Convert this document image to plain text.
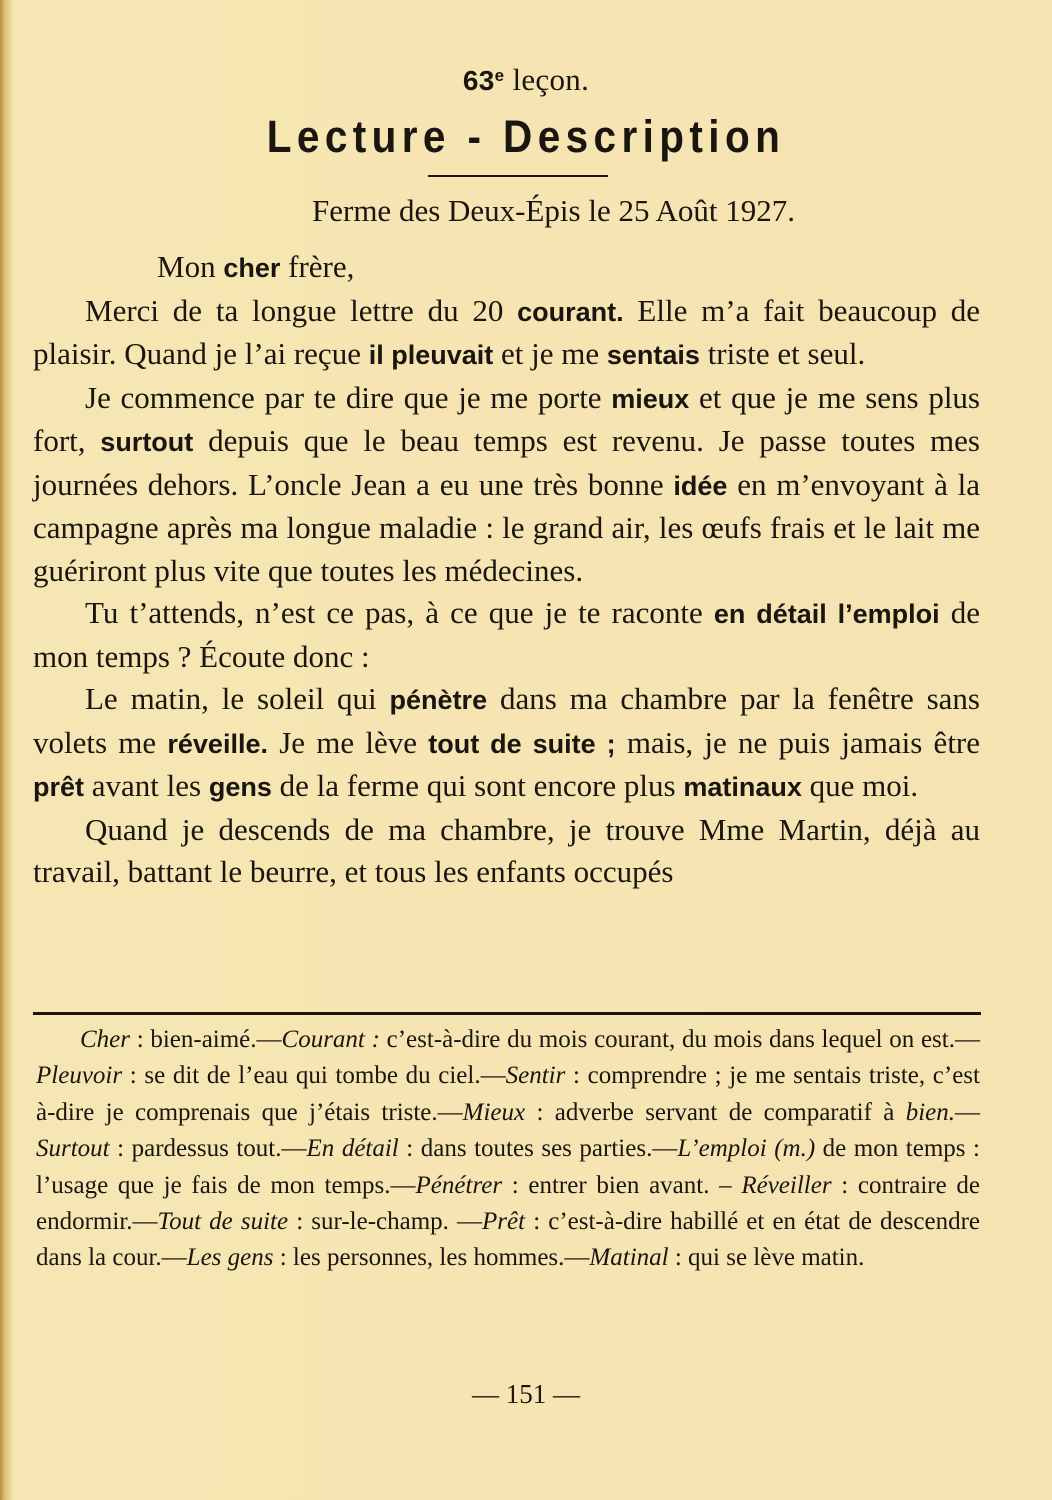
63e leçon.
Lecture - Description
Ferme des Deux-Épis le 25 Août 1927.

Mon cher frère,

Merci de ta longue lettre du 20 courant. Elle m’a fait beaucoup de plaisir. Quand je l’ai reçue il pleuvait et je me sentais triste et seul.

Je commence par te dire que je me porte mieux et que je me sens plus fort, surtout depuis que le beau temps est revenu. Je passe toutes mes journées dehors. L’oncle Jean a eu une très bonne idée en m’envoyant à la campagne après ma longue maladie : le grand air, les œufs frais et le lait me guériront plus vite que toutes les médecines.

Tu t’attends, n’est ce pas, à ce que je te raconte en détail l’emploi de mon temps ? Écoute donc :

Le matin, le soleil qui pénètre dans ma chambre par la fenêtre sans volets me réveille. Je me lève tout de suite ; mais, je ne puis jamais être prêt avant les gens de la ferme qui sont encore plus matinaux que moi.

Quand je descends de ma chambre, je trouve Mme Martin, déjà au travail, battant le beurre, et tous les enfants occupés

Cher : bien-aimé.—Courant : c’est-à-dire du mois courant, du mois dans lequel on est.—Pleuvoir : se dit de l’eau qui tombe du ciel.—Sentir : comprendre ; je me sentais triste, c’est à-dire je comprenais que j’étais triste.—Mieux : adverbe servant de comparatif à bien.—Surtout : pardessus tout.—En détail : dans toutes ses parties.—L’emploi (m.) de mon temps : l’usage que je fais de mon temps.—Pénétrer : entrer bien avant. – Réveiller : contraire de endormir.—Tout de suite : sur-le-champ. —Prêt : c’est-à-dire habillé et en état de descendre dans la cour.—Les gens : les personnes, les hommes.—Matinal : qui se lève matin.

— 151 —
